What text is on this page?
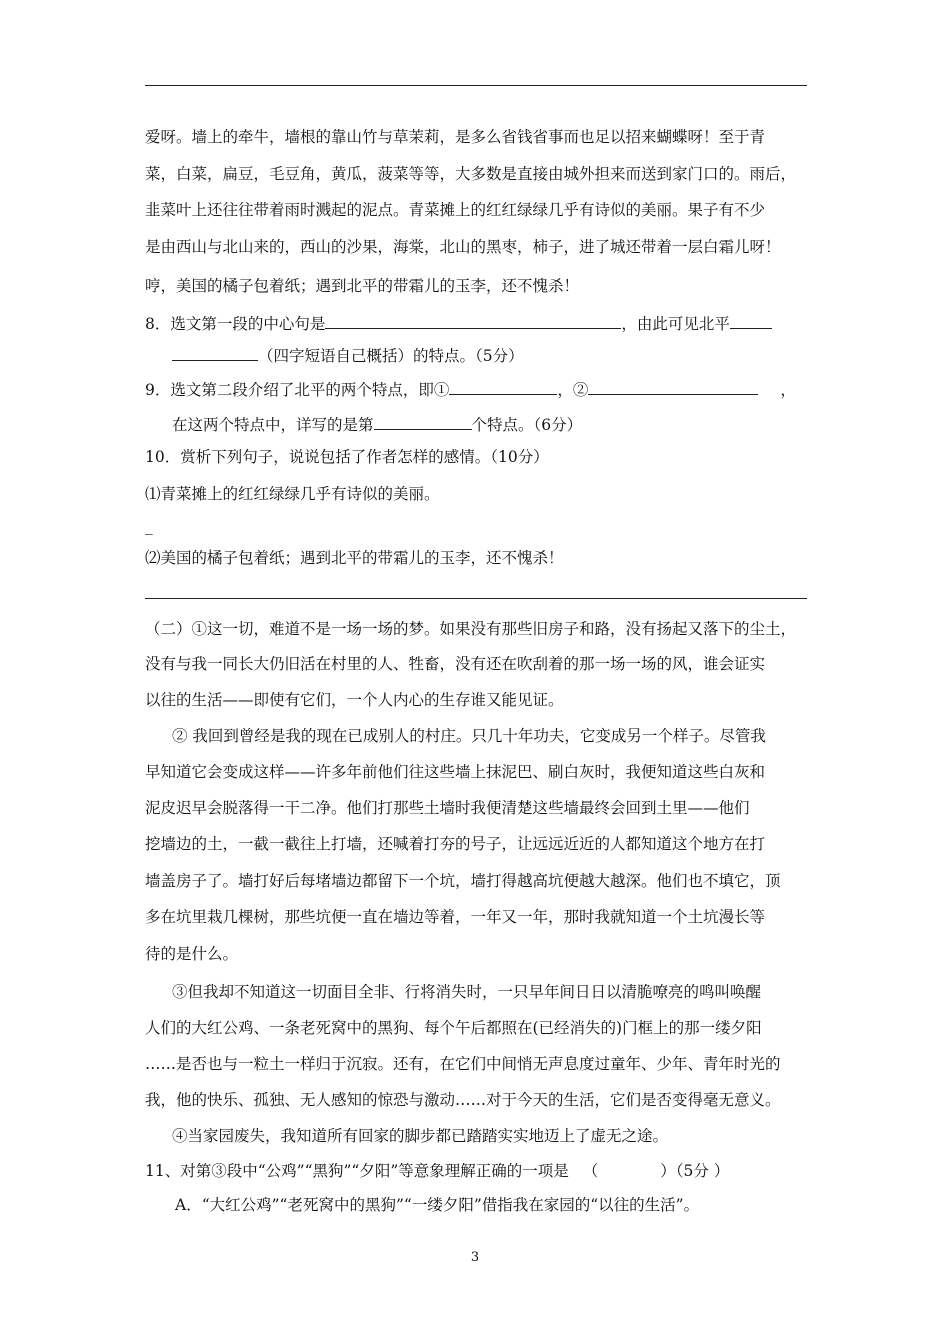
爱呀。墙上的牵牛，墙根的靠山竹与草茉莉，是多么省钱省事而也足以招来蝴蝶呀！至于青
菜，白菜，扁豆，毛豆角，黄瓜，菠菜等等，大多数是直接由城外担来而送到家门口的。雨后，
韭菜叶上还往往带着雨时溅起的泥点。青菜摊上的红红绿绿几乎有诗似的美丽。果子有不少
是由西山与北山来的，西山的沙果，海棠，北山的黑枣，柿子，进了城还带着一层白霜儿呀！
哼，美国的橘子包着纸；遇到北平的带霜儿的玉李，还不愧杀！
8．选文第一段的中心句是	，由此可见北平
（四字短语自己概括）的特点。（5分）
9．选文第二段介绍了北平的两个特点，即①	，②	，
在这两个特点中，详写的是第	个特点。（6分）
10．赏析下列句子，说说包括了作者怎样的感情。（10分）
⑴青菜摊上的红红绿绿几乎有诗似的美丽。
_
⑵美国的橘子包着纸；遇到北平的带霜儿的玉李，还不愧杀！
（二）①这一切，难道不是一场一场的梦。如果没有那些旧房子和路，没有扬起又落下的尘土，
没有与我一同长大仍旧活在村里的人、牲畜，没有还在吹刮着的那一场一场的风，谁会证实
以往的生活——即使有它们，一个人内心的生存谁又能见证。
② 我回到曾经是我的现在已成别人的村庄。只几十年功夫，它变成另一个样子。尽管我
早知道它会变成这样——许多年前他们往这些墙上抹泥巴、刷白灰时，我便知道这些白灰和
泥皮迟早会脱落得一干二净。他们打那些土墙时我便清楚这些墙最终会回到土里——他们
挖墙边的土，一截一截往上打墙，还喊着打夯的号子，让远远近近的人都知道这个地方在打
墙盖房子了。墙打好后每堵墙边都留下一个坑，墙打得越高坑便越大越深。他们也不填它，顶
多在坑里栽几棵树，那些坑便一直在墙边等着，一年又一年，那时我就知道一个土坑漫长等
待的是什么。
③但我却不知道这一切面目全非、行将消失时，一只早年间日日以清脆嘹亮的鸣叫唤醒
人们的大红公鸡、一条老死窝中的黑狗、每个午后都照在(已经消失的)门框上的那一缕夕阳
……是否也与一粒土一样归于沉寂。还有，在它们中间悄无声息度过童年、少年、青年时光的
我，他的快乐、孤独、无人感知的惊恐与激动……对于今天的生活，它们是否变得毫无意义。
④当家园废失，我知道所有回家的脚步都已踏踏实实地迈上了虚无之途。
11、对第③段中“公鸡”“黑狗”“夕阳”等意象理解正确的一项是 （　　　　）（5分 ）
A．“大红公鸡”“老死窝中的黑狗”“一缕夕阳”借指我在家园的“以往的生活”。
3
